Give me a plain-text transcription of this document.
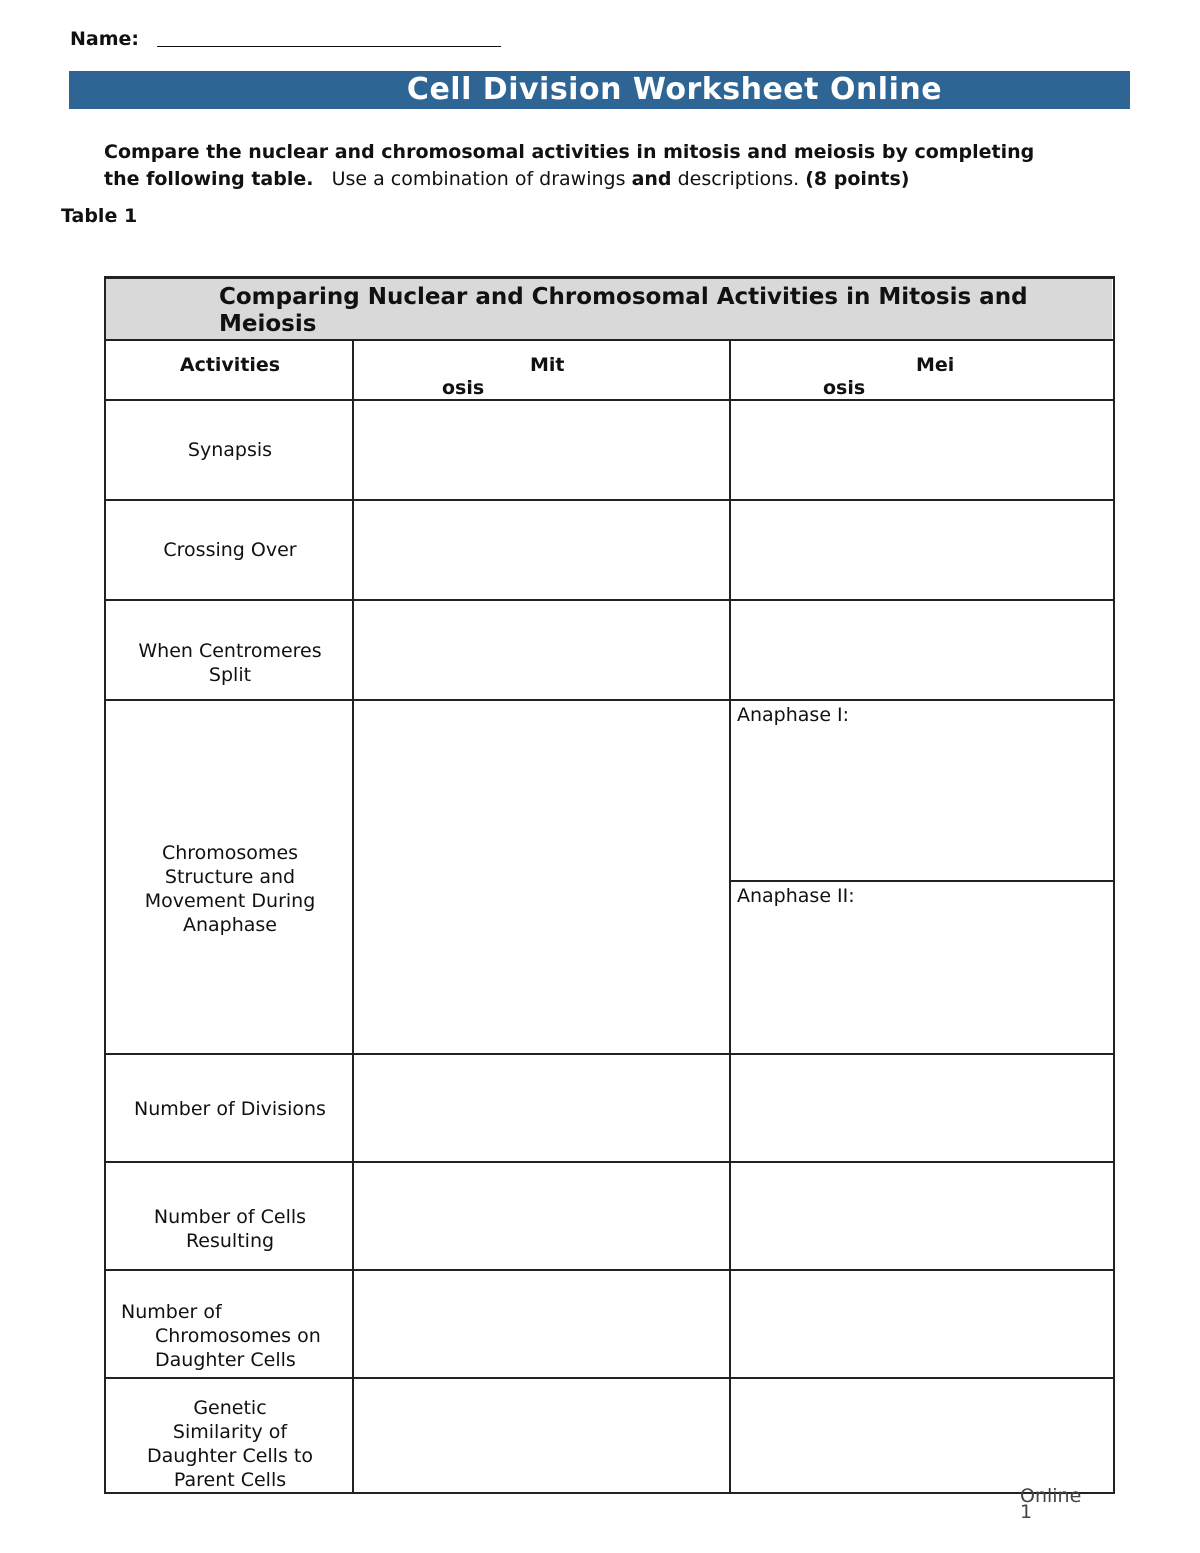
Name:
Cell Division Worksheet Online
Compare the nuclear and chromosomal activities in mitosis and meiosis by completing
the following table. Use a combination of drawings and descriptions. (8 points)
Table 1
Comparing Nuclear and Chromosomal Activities in Mitosis and
Meiosis
Activities	Mit
osis
Mei
osis
Synapsis
Crossing Over
When Centromeres
Split
Chromosomes
Structure and
Movement During
Anaphase
Anaphase I:
Anaphase II:
Number of Divisions
Number of Cells
Resulting
Number of
Chromosomes on
Daughter Cells
Genetic
Similarity of
Daughter Cells to
Parent Cells
Online
1
